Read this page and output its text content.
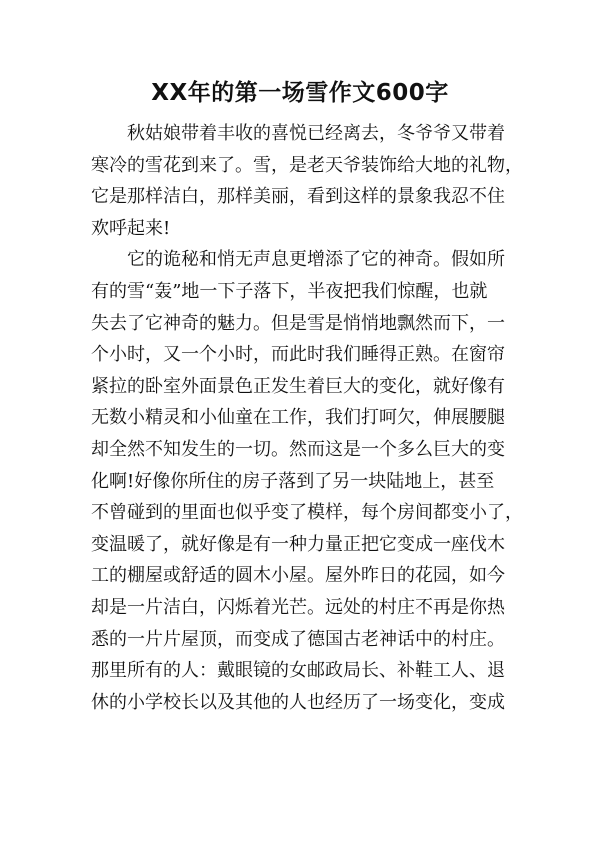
XX年的第一场雪作文600字
秋姑娘带着丰收的喜悦已经离去，冬爷爷又带着
寒冷的雪花到来了。雪，是老天爷装饰给大地的礼物，
它是那样洁白，那样美丽，看到这样的景象我忍不住
欢呼起来!
它的诡秘和悄无声息更增添了它的神奇。假如所
有的雪“轰”地一下子落下，半夜把我们惊醒，也就
失去了它神奇的魅力。但是雪是悄悄地飘然而下，一
个小时，又一个小时，而此时我们睡得正熟。在窗帘
紧拉的卧室外面景色正发生着巨大的变化，就好像有
无数小精灵和小仙童在工作，我们打呵欠，伸展腰腿
却全然不知发生的一切。然而这是一个多么巨大的变
化啊!好像你所住的房子落到了另一块陆地上，甚至
不曾碰到的里面也似乎变了模样，每个房间都变小了，
变温暖了，就好像是有一种力量正把它变成一座伐木
工的棚屋或舒适的圆木小屋。屋外昨日的花园，如今
却是一片洁白，闪烁着光芒。远处的村庄不再是你热
悉的一片片屋顶，而变成了德国古老神话中的村庄。
那里所有的人：戴眼镜的女邮政局长、补鞋工人、退
休的小学校长以及其他的人也经历了一场变化，变成
